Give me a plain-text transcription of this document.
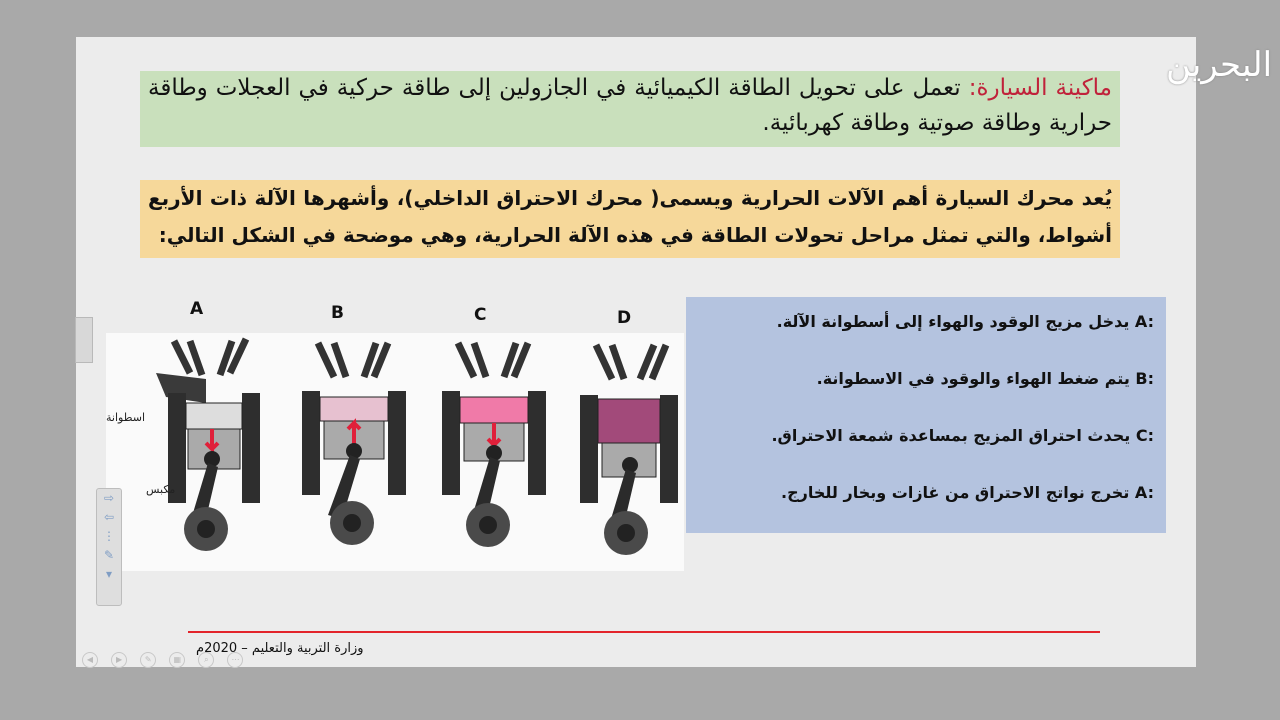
البحرين
ماكينة السيارة: تعمل على تحويل الطاقة الكيميائية في الجازولين إلى طاقة حركية في العجلات وطاقة حرارية وطاقة صوتية وطاقة كهربائية.
يُعد محرك السيارة أهم الآلات الحرارية ويسمى( محرك الاحتراق الداخلي)، وأشهرها الآلة ذات الأربع أشواط، والتي تمثل مراحل تحولات الطاقة في هذه الآلة الحرارية، وهي موضحة في الشكل التالي:
A	B	C	D
اسطوانة
مكبس
A: يدخل مزيج الوقود والهواء إلى أسطوانة الآلة.
B: يتم ضغط الهواء والوقود في الاسطوانة.
C: يحدث احتراق المزيج بمساعدة شمعة الاحتراق.
A: تخرج نواتج الاحتراق من غازات وبخار للخارج.
وزارة التربية والتعليم – 2020م
⇨
⇦
⋮
✎
▾
◀	▶	✎	▦	⌕	⋯
